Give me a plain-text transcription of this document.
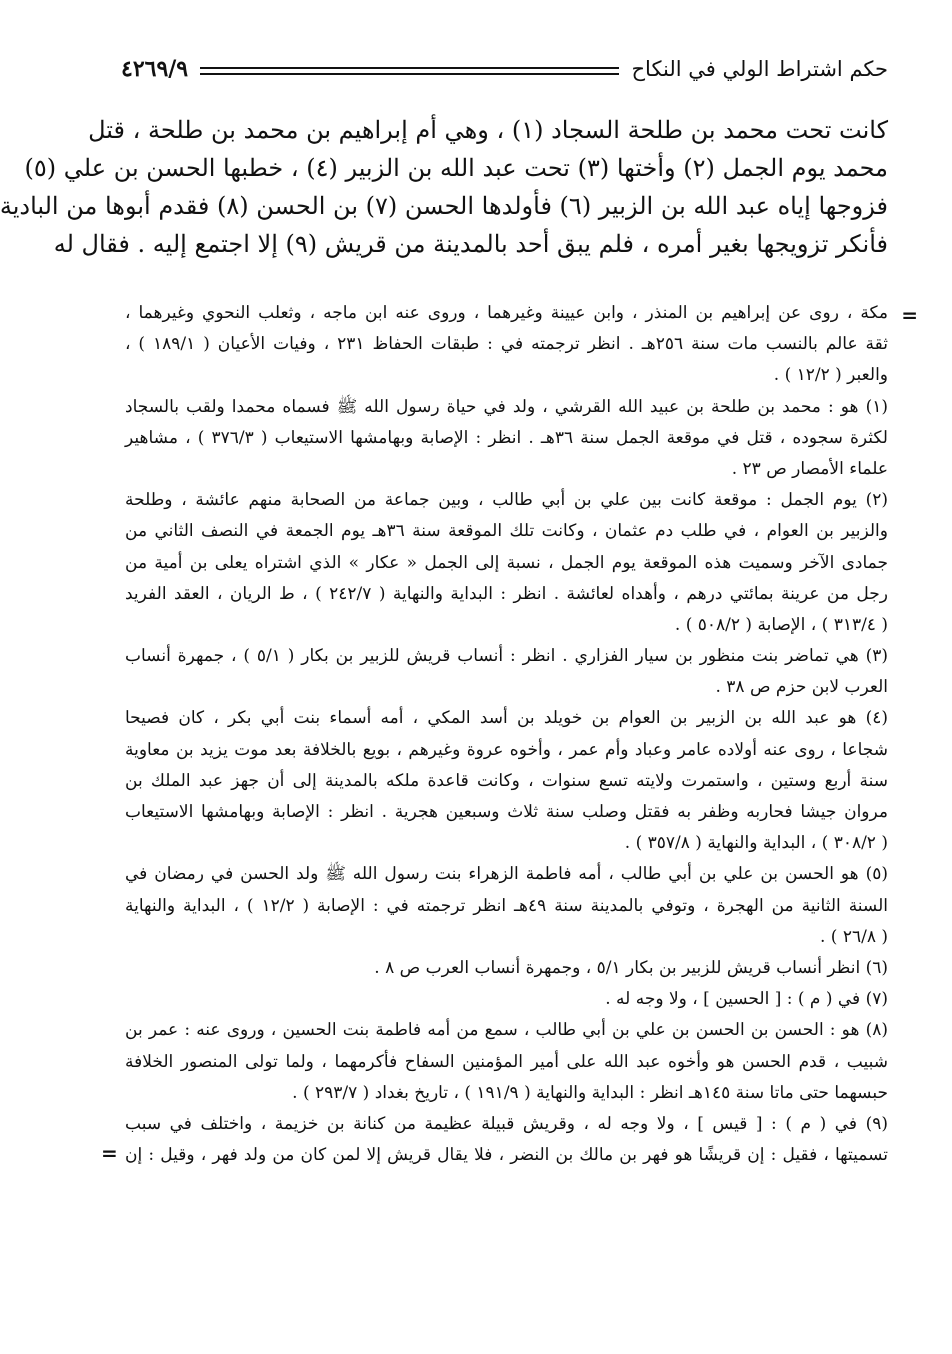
حكم اشتراط الولي في النكاح
٤٢٦٩/٩
كانت تحت محمد بن طلحة السجاد (١) ، وهي أم إبراهيم بن محمد بن طلحة ، قتل
محمد يوم الجمل (٢) وأختها (٣) تحت عبد الله بن الزبير (٤) ، خطبها الحسن بن علي (٥)
فزوجها إياه عبد الله بن الزبير (٦) فأولدها الحسن (٧) بن الحسن (٨) فقدم أبوها من البادية
فأنكر تزويجها بغير أمره ، فلم يبق أحد بالمدينة من قريش (٩) إلا اجتمع إليه . فقال له
=
مكة ، روى عن إبراهيم بن المنذر ، وابن عيينة وغيرهما ، وروى عنه ابن ماجه ، وثعلب النحوي وغيرهما ،
ثقة عالم بالنسب مات سنة ٢٥٦هـ . انظر ترجمته في : طبقات الحفاظ ٢٣١ ، وفيات الأعيان ( ١٨٩/١ ) ،
والعبر ( ١٢/٢ ) .
(١) هو : محمد بن طلحة بن عبيد الله القرشي ، ولد في حياة رسول الله ﷺ فسماه محمدا ولقب بالسجاد
لكثرة سجوده ، قتل في موقعة الجمل سنة ٣٦هـ . انظر : الإصابة وبهامشها الاستيعاب ( ٣٧٦/٣ ) ، مشاهير
علماء الأمصار ص ٢٣ .
(٢) يوم الجمل : موقعة كانت بين علي بن أبي طالب ، وبين جماعة من الصحابة منهم عائشة ، وطلحة
والزبير بن العوام ، في طلب دم عثمان ، وكانت تلك الموقعة سنة ٣٦هـ يوم الجمعة في النصف الثاني من
جمادى الآخر وسميت هذه الموقعة يوم الجمل ، نسبة إلى الجمل « عكار » الذي اشتراه يعلى بن أمية من
رجل من عرينة بمائتي درهم ، وأهداه لعائشة . انظر : البداية والنهاية ( ٢٤٢/٧ ) ، ط الريان ، العقد الفريد
( ٣١٣/٤ ) ، الإصابة ( ٥٠٨/٢ ) .
(٣) هي تماضر بنت منظور بن سيار الفزاري . انظر : أنساب قريش للزبير بن بكار ( ٥/١ ) ، جمهرة أنساب
العرب لابن حزم ص ٣٨ .
(٤) هو عبد الله بن الزبير بن العوام بن خويلد بن أسد المكي ، أمه أسماء بنت أبي بكر ، كان فصيحا
شجاعا ، روى عنه أولاده عامر وعباد وأم عمر ، وأخوه عروة وغيرهم ، بويع بالخلافة بعد موت يزيد بن معاوية
سنة أربع وستين ، واستمرت ولايته تسع سنوات ، وكانت قاعدة ملكه بالمدينة إلى أن جهز عبد الملك بن
مروان جيشا فحاربه وظفر به فقتل وصلب سنة ثلاث وسبعين هجرية . انظر : الإصابة وبهامشها الاستيعاب
( ٣٠٨/٢ ) ، البداية والنهاية ( ٣٥٧/٨ ) .
(٥) هو الحسن بن علي بن أبي طالب ، أمه فاطمة الزهراء بنت رسول الله ﷺ ولد الحسن في رمضان في
السنة الثانية من الهجرة ، وتوفي بالمدينة سنة ٤٩هـ انظر ترجمته في : الإصابة ( ١٢/٢ ) ، البداية والنهاية
( ٢٦/٨ ) .
(٦) انظر أنساب قريش للزبير بن بكار ٥/١ ، وجمهرة أنساب العرب ص ٨ .
(٧) في ( م ) : [ الحسين ] ، ولا وجه له .
(٨) هو : الحسن بن الحسن بن علي بن أبي طالب ، سمع من أمه فاطمة بنت الحسين ، وروى عنه : عمر بن
شبيب ، قدم الحسن هو وأخوه عبد الله على أمير المؤمنين السفاح فأكرمهما ، ولما تولى المنصور الخلافة
حبسهما حتى ماتا سنة ١٤٥هـ انظر : البداية والنهاية ( ١٩١/٩ ) ، تاريخ بغداد ( ٢٩٣/٧ ) .
(٩) في ( م ) : [ قيس ] ، ولا وجه له ، وقريش قبيلة عظيمة من كنانة بن خزيمة ، واختلف في سبب
تسميتها ، فقيل : إن قريشًا هو فهر بن مالك بن النضر ، فلا يقال قريش إلا لمن كان من ولد فهر ، وقيل : إن
=
